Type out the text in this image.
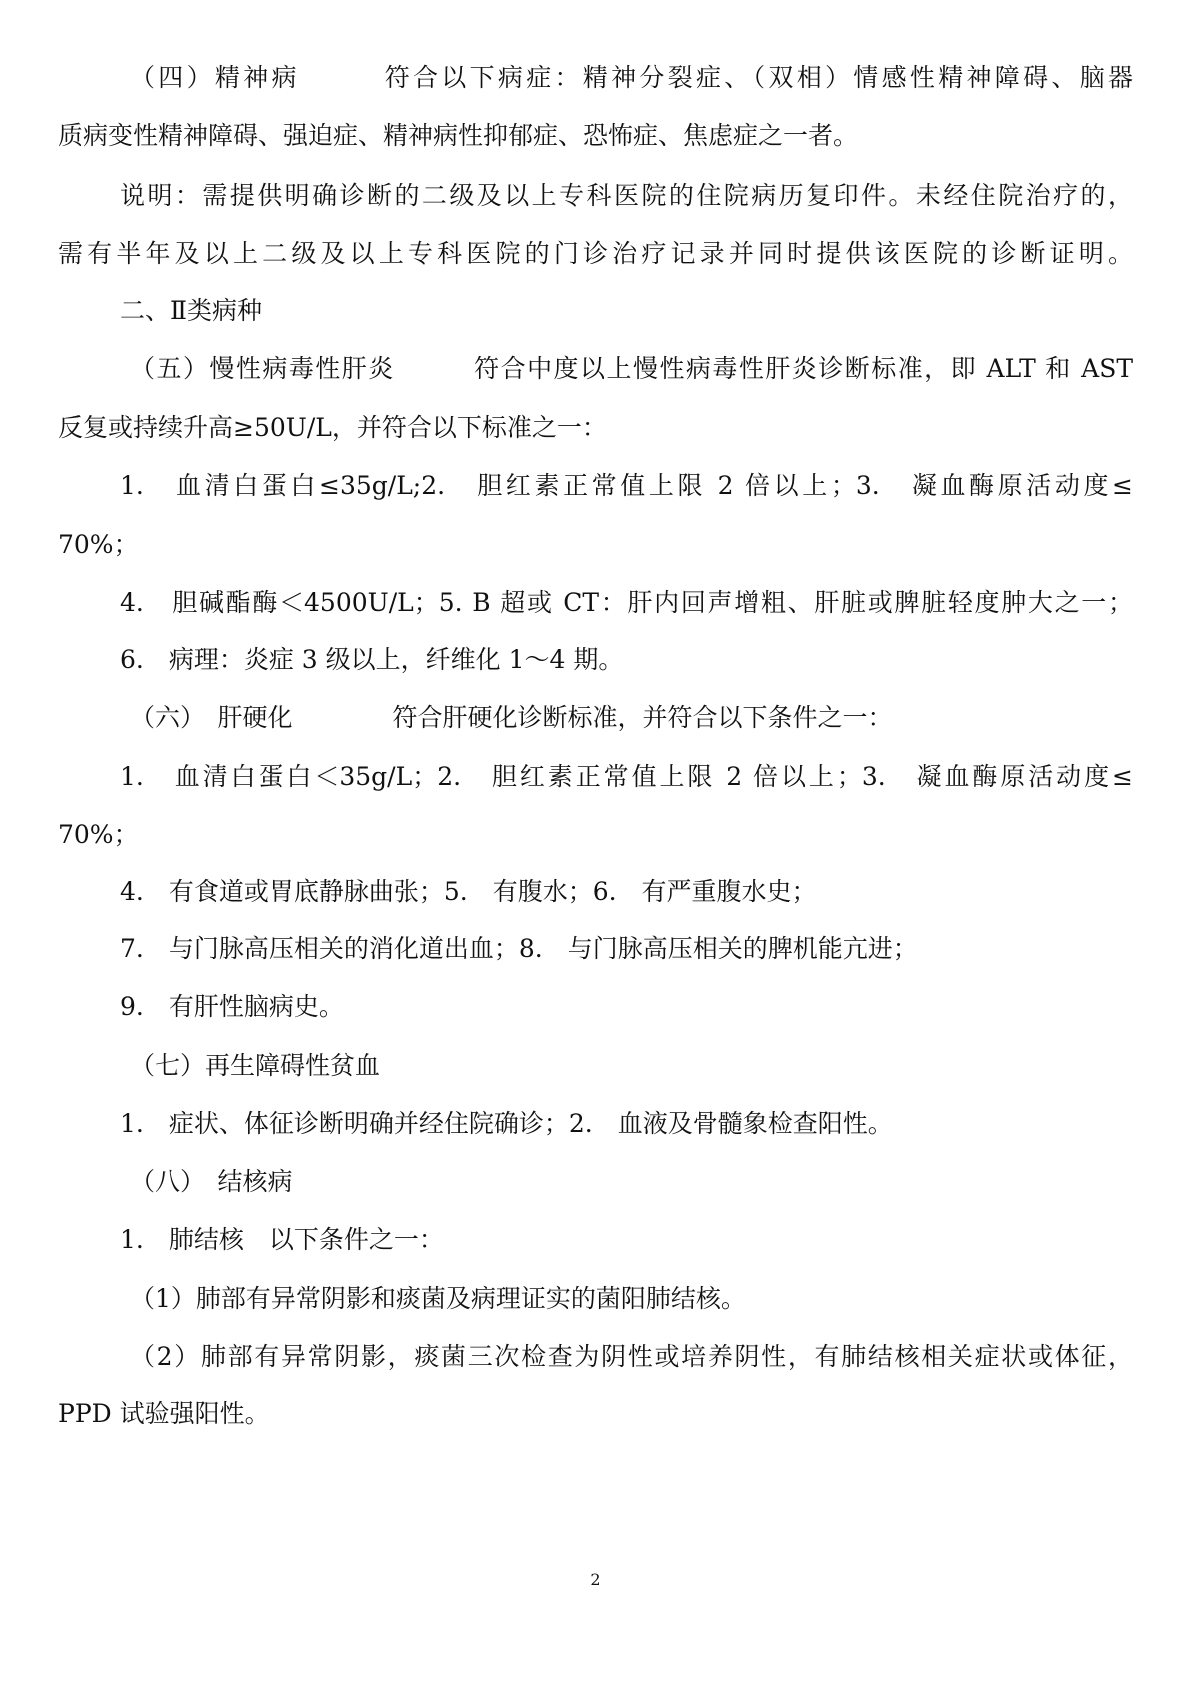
（四）精神病　　　符合以下病症：精神分裂症、（双相）情感性精神障碍、脑器
质病变性精神障碍、强迫症、精神病性抑郁症、恐怖症、焦虑症之一者。
说明：需提供明确诊断的二级及以上专科医院的住院病历复印件。未经住院治疗的，
需有半年及以上二级及以上专科医院的门诊治疗记录并同时提供该医院的诊断证明。
二、Ⅱ类病种
（五）慢性病毒性肝炎　　　符合中度以上慢性病毒性肝炎诊断标准，即 ALT 和 AST
反复或持续升高≥50U/L，并符合以下标准之一：
1.　血清白蛋白≤35g/L;2.　胆红素正常值上限 2 倍以上；3.　凝血酶原活动度≤
70%；
4.　胆碱酯酶＜4500U/L；5. B 超或 CT：肝内回声增粗、肝脏或脾脏轻度肿大之一；
6.　病理：炎症 3 级以上，纤维化 1～4 期。
（六）　肝硬化　　　　符合肝硬化诊断标准，并符合以下条件之一：
1.　血清白蛋白＜35g/L；2.　胆红素正常值上限 2 倍以上；3.　凝血酶原活动度≤
70%；
4.　有食道或胃底静脉曲张；5.　有腹水；6.　有严重腹水史；
7.　与门脉高压相关的消化道出血；8.　与门脉高压相关的脾机能亢进；
9.　有肝性脑病史。
（七）再生障碍性贫血
1.　症状、体征诊断明确并经住院确诊；2.　血液及骨髓象检查阳性。
（八）　结核病
1.　肺结核　以下条件之一：
（1）肺部有异常阴影和痰菌及病理证实的菌阳肺结核。
（2）肺部有异常阴影，痰菌三次检查为阴性或培养阴性，有肺结核相关症状或体征，
PPD 试验强阳性。
2
